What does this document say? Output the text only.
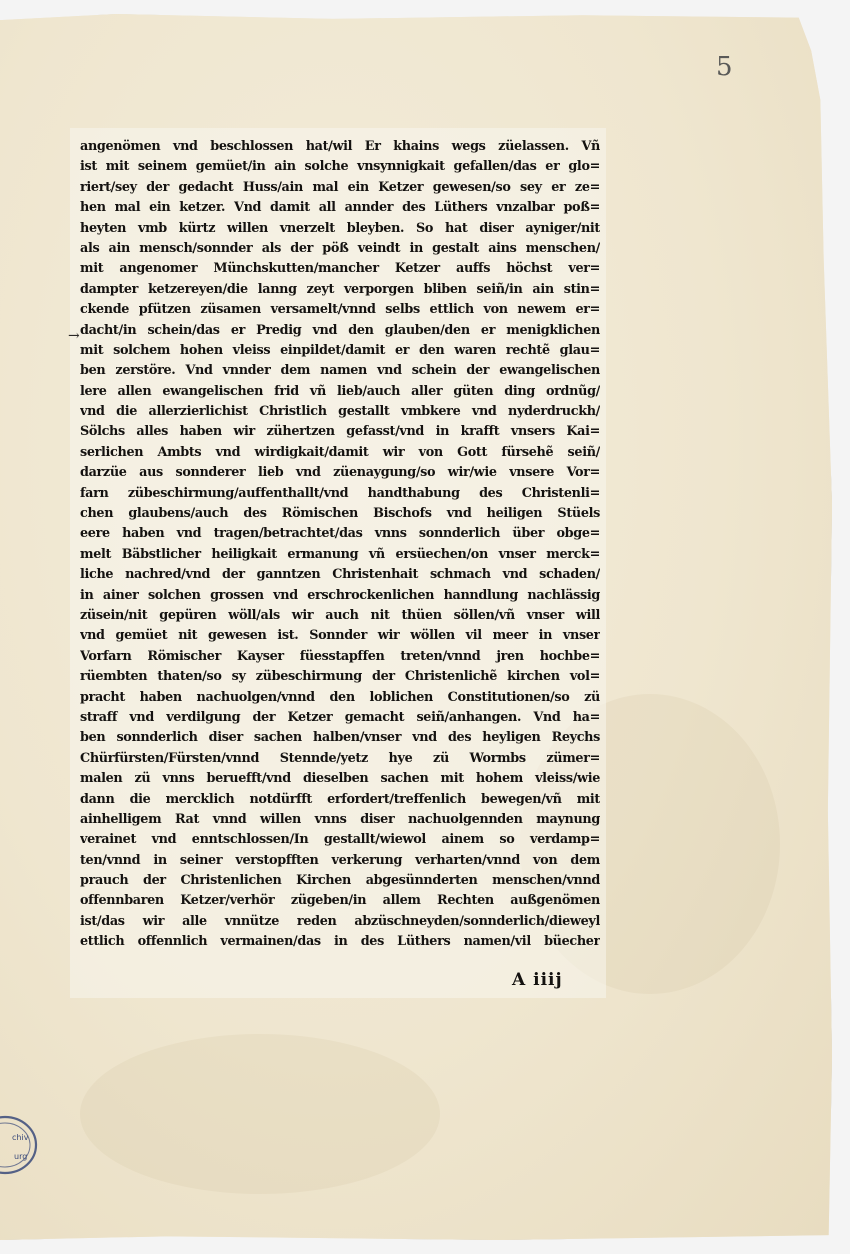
5
→
angenömen vnd beschlossen hat/wil Er khains wegs züelassen. Vñ
ist mit seinem gemüet/in ain solche vnsynnigkait gefallen/das er glo=
riert/sey der gedacht Huss/ain mal ein Ketzer gewesen/so sey er ze=
hen mal ein ketzer. Vnd damit all annder des Lüthers vnzalbar poß=
heyten vmb kürtz willen vnerzelt bleyben. So hat diser ayniger/nit
als ain mensch/sonnder als der pöß veindt in gestalt ains menschen/
mit angenomer Münchskutten/mancher Ketzer auffs höchst ver=
dampter ketzereyen/die lanng zeyt verporgen bliben seiñ/in ain stin=
ckende pfützen züsamen versamelt/vnnd selbs ettlich von newem er=
dacht/in schein/das er Predig vnd den glauben/den er menigklichen
mit solchem hohen vleiss einpildet/damit er den waren rechtẽ glau=
ben zerstöre. Vnd vnnder dem namen vnd schein der ewangelischen
lere allen ewangelischen frid vñ lieb/auch aller güten ding ordnũg/
vnd die allerzierlichist Christlich gestallt vmbkere vnd nyderdruckh/
Sölchs alles haben wir zühertzen gefasst/vnd in krafft vnsers Kai=
serlichen Ambts vnd wirdigkait/damit wir von Gott fürsehẽ seiñ/
darzüe aus sonnderer lieb vnd züenaygung/so wir/wie vnsere Vor=
farn zübeschirmung/auffenthallt/vnd handthabung des Christenli=
chen glaubens/auch des Römischen Bischofs vnd heiligen Stüels
eere haben vnd tragen/betrachtet/das vnns sonnderlich über obge=
melt Bäbstlicher heiligkait ermanung vñ ersüechen/on vnser merck=
liche nachred/vnd der ganntzen Christenhait schmach vnd schaden/
in ainer solchen grossen vnd erschrockenlichen hanndlung nachlässig
züsein/nit gepüren wöll/als wir auch nit thüen söllen/vñ vnser will
vnd gemüet nit gewesen ist. Sonnder wir wöllen vil meer in vnser
Vorfarn Römischer Kayser füesstapffen treten/vnnd jren hochbe=
rüembten thaten/so sy zübeschirmung der Christenlichẽ kirchen vol=
pracht haben nachuolgen/vnnd den loblichen Constitutionen/so zü
straff vnd verdilgung der Ketzer gemacht seiñ/anhangen. Vnd ha=
ben sonnderlich diser sachen halben/vnser vnd des heyligen Reychs
Chürfürsten/Fürsten/vnnd Stennde/yetz hye zü Wormbs zümer=
malen zü vnns beruefft/vnd dieselben sachen mit hohem vleiss/wie
dann die mercklich notdürfft erfordert/treffenlich bewegen/vñ mit
ainhelligem Rat vnnd willen vnns diser nachuolgennden maynung
verainet vnd enntschlossen/In gestallt/wiewol ainem so verdamp=
ten/vnnd in seiner verstopfften verkerung verharten/vnnd von dem
prauch der Christenlichen Kirchen abgesünnderten menschen/vnnd
offennbaren Ketzer/verhör zügeben/in allem Rechten außgenömen
ist/das wir alle vnnütze reden abzüschneyden/sonnderlich/dieweyl
ettlich offennlich vermainen/das in des Lüthers namen/vil büecher
A iiij
chiv
urg
